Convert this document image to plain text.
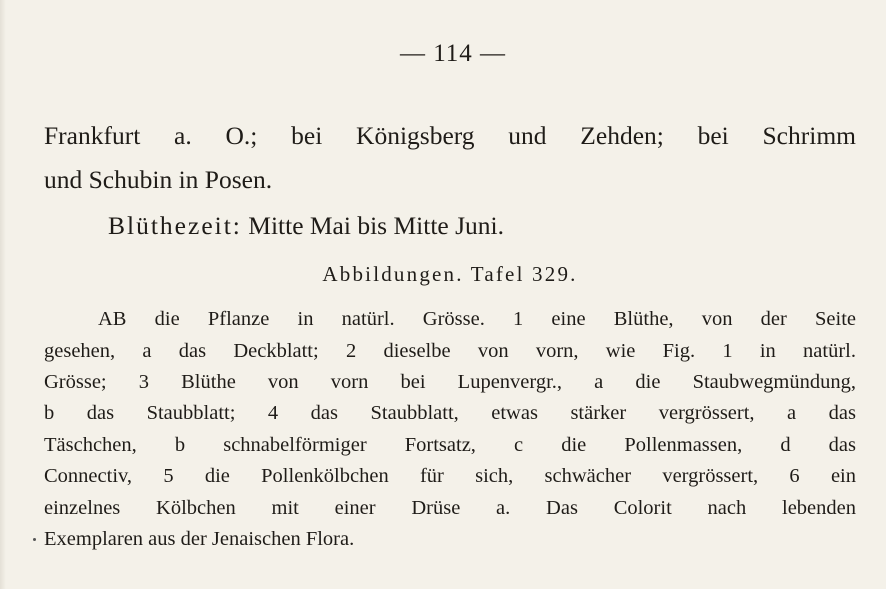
— 114 —
Frankfurt a. O.; bei Königsberg und Zehden; bei Schrimm
und Schubin in Posen.
Blüthezeit: Mitte Mai bis Mitte Juni.
Abbildungen. Tafel 329.
AB die Pflanze in natürl. Grösse. 1 eine Blüthe, von der Seite
gesehen, a das Deckblatt; 2 dieselbe von vorn, wie Fig. 1 in natürl.
Grösse; 3 Blüthe von vorn bei Lupenvergr., a die Staubwegmündung,
b das Staubblatt; 4 das Staubblatt, etwas stärker vergrössert, a das
Täschchen, b schnabelförmiger Fortsatz, c die Pollenmassen, d das
Connectiv, 5 die Pollenkölbchen für sich, schwächer vergrössert, 6 ein
einzelnes Kölbchen mit einer Drüse a. Das Colorit nach lebenden
Exemplaren aus der Jenaischen Flora.
